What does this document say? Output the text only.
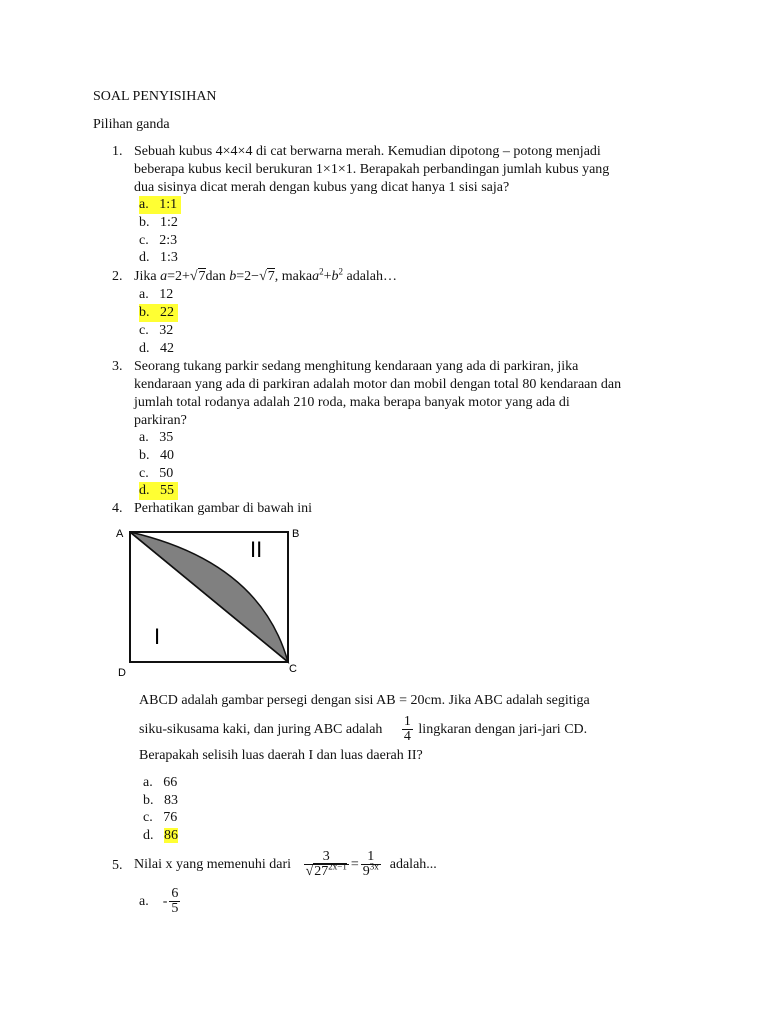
SOAL PENYISIHAN
Pilihan ganda
1. Sebuah kubus 4×4×4 di cat berwarna merah. Kemudian dipotong – potong menjadi
beberapa kubus kecil berukuran 1×1×1. Berapakah perbandingan jumlah kubus yang
dua sisinya dicat merah dengan kubus yang dicat hanya 1 sisi saja?
a. 1:1
b. 1:2
c. 2:3
d. 1:3
2. Jika a=2+√7dan b=2−√7, $makaa^2+b^2$ adalah…
a. 12
b. 22
c. 32
d. 42
3. Seorang tukang parkir sedang menghitung kendaraan yang ada di parkiran, jika
kendaraan yang ada di parkiran adalah motor dan mobil dengan total 80 kendaraan dan
jumlah total rodanya adalah 210 roda, maka berapa banyak motor yang ada di
parkiran?
a. 35
b. 40
c. 50
d. 55
4. Perhatikan gambar di bawah ini
A	B
C
D
I
II
ABCD adalah gambar persegi dengan sisi AB = 20cm. Jika ABC adalah segitiga
siku-sikusama kaki, dan juring ABC adalah $\frac{1}{4}$ lingkaran dengan jari-jari CD.
Berapakah selisih luas daerah I dan luas daerah II?
a. 66
b. 83
c. 76
d. 86
5. Nilai x yang memenuhi dari $\frac{3}{√27^{2x-1}} = \frac{1}{9^{3x}}$ adalah...
a. - $\frac{6}{5}$
